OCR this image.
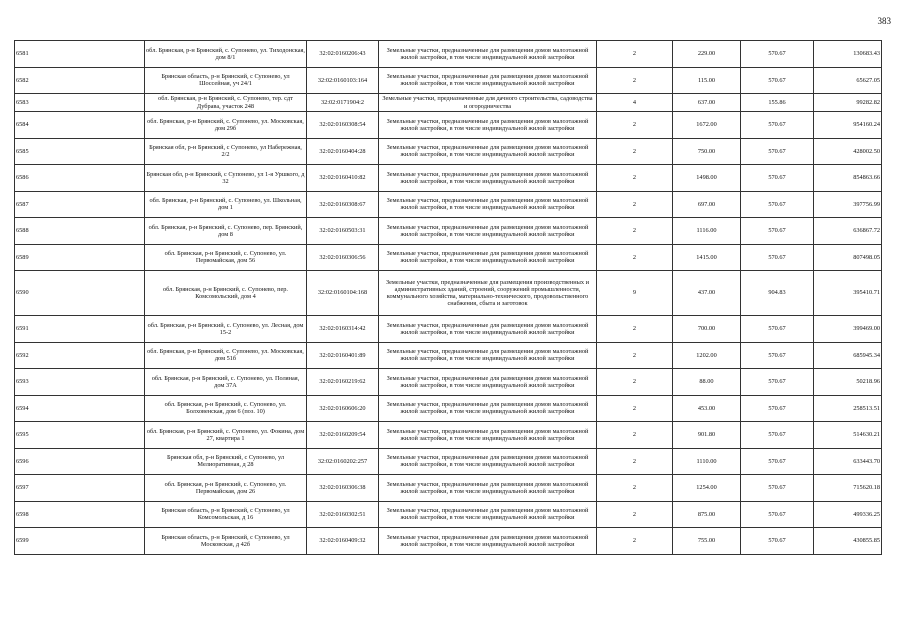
383
6581	обл. Брянская, р-н Брянский, с. Супонево, ул. Тиходонская, дом 8/1	32:02:0160206:43	Земельные участки, предназначенные для размещения домов малоэтажной жилой застройки, в том числе индивидуальной жилой застройки	2	229.00	570.67	130683.43
6582	Брянская область, р-н Брянский, с Супонево, ул Шоссейная, уч 24/1	32:02:0160103:164	Земельные участки, предназначенные для размещения домов малоэтажной жилой застройки, в том числе индивидуальной жилой застройки	2	115.00	570.67	65627.05
6583	обл. Брянская, р-н Брянский, с. Супонево, тер. сдт Дубрава, участок 248	32:02:0171904:2	Земельные участки, предназначенные для дачного строительства, садоводства и огородничества	4	637.00	155.86	99282.82
6584	обл. Брянская, р-н Брянский, с. Супонево, ул. Московская, дом 29б	32:02:0160308:54	Земельные участки, предназначенные для размещения домов малоэтажной жилой застройки, в том числе индивидуальной жилой застройки	2	1672.00	570.67	954160.24
6585	Брянская обл, р-н Брянский, с Супонево, ул Набережная, 2/2	32:02:0160404:28	Земельные участки, предназначенные для размещения домов малоэтажной жилой застройки, в том числе индивидуальной жилой застройки	2	750.00	570.67	428002.50
6586	Брянская обл, р-н Брянский, с Супонево, ул 1-я Уршкого, д 32	32:02:0160410:82	Земельные участки, предназначенные для размещения домов малоэтажной жилой застройки, в том числе индивидуальной жилой застройки	2	1498.00	570.67	854863.66
6587	обл. Брянская, р-н Брянский, с. Супонево, ул. Школьная, дом 1	32:02:0160308:67	Земельные участки, предназначенные для размещения домов малоэтажной жилой застройки, в том числе индивидуальной жилой застройки	2	697.00	570.67	397756.99
6588	обл. Брянская, р-н Брянский, с. Супонево, пер. Брянский, дом 8	32:02:0160503:31	Земельные участки, предназначенные для размещения домов малоэтажной жилой застройки, в том числе индивидуальной жилой застройки	2	1116.00	570.67	636867.72
6589	обл. Брянская, р-н Брянский, с. Супонево, ул. Первомайская, дом 56	32:02:0160306:56	Земельные участки, предназначенные для размещения домов малоэтажной жилой застройки, в том числе индивидуальной жилой застройки	2	1415.00	570.67	807498.05
6590	обл. Брянская, р-н Брянский, с. Супонево, пер. Комсомольский, дом 4	32:02:0160104:168	Земельные участки, предназначенные для размещения производственных и административных зданий, строений, сооружений промышленности, коммунального хозяйства, материально-технического, продовольственного снабжения, сбыта и заготовок	9	437.00	904.83	395410.71
6591	обл. Брянская, р-н Брянский, с. Супонево, ул. Лесная, дом 15-2	32:02:0160314:42	Земельные участки, предназначенные для размещения домов малоэтажной жилой застройки, в том числе индивидуальной жилой застройки	2	700.00	570.67	399469.00
6592	обл. Брянская, р-н Брянский, с. Супонево, ул. Московская, дом 51б	32:02:0160401:89	Земельные участки, предназначенные для размещения домов малоэтажной жилой застройки, в том числе индивидуальной жилой застройки	2	1202.00	570.67	685945.34
6593	обл. Брянская, р-н Брянский, с. Супонево, ул. Поляная, дом 37А	32:02:0160219:62	Земельные участки, предназначенные для размещения домов малоэтажной жилой застройки, в том числе индивидуальной жилой застройки	2	88.00	570.67	50218.96
6594	обл. Брянская, р-н Брянский, с. Супонево, ул. Болховенская, дом 6 (поз. 10)	32:02:0160606:20	Земельные участки, предназначенные для размещения домов малоэтажной жилой застройки, в том числе индивидуальной жилой застройки	2	453.00	570.67	258513.51
6595	обл. Брянская, р-н Брянский, с. Супонево, ул. Фокина, дом 27, квартира 1	32:02:0160209:54	Земельные участки, предназначенные для размещения домов малоэтажной жилой застройки, в том числе индивидуальной жилой застройки	2	901.80	570.67	514630.21
6596	Брянская обл, р-н Брянский, с Супонево, ул Мелиоративная, д 28	32:02:0160202:257	Земельные участки, предназначенные для размещения домов малоэтажной жилой застройки, в том числе индивидуальной жилой застройки	2	1110.00	570.67	633443.70
6597	обл. Брянская, р-н Брянский, с. Супонево, ул. Первомайская, дом 26	32:02:0160306:38	Земельные участки, предназначенные для размещения домов малоэтажной жилой застройки, в том числе индивидуальной жилой застройки	2	1254.00	570.67	715620.18
6598	Брянская область, р-н Брянский, с Супонево, ул Комсомольская, д 16	32:02:0160302:51	Земельные участки, предназначенные для размещения домов малоэтажной жилой застройки, в том числе индивидуальной жилой застройки	2	875.00	570.67	499336.25
6599	Брянская область, р-н Брянский, с Супонево, ул Московская, д 42б	32:02:0160409:32	Земельные участки, предназначенные для размещения домов малоэтажной жилой застройки, в том числе индивидуальной жилой застройки	2	755.00	570.67	430855.85
